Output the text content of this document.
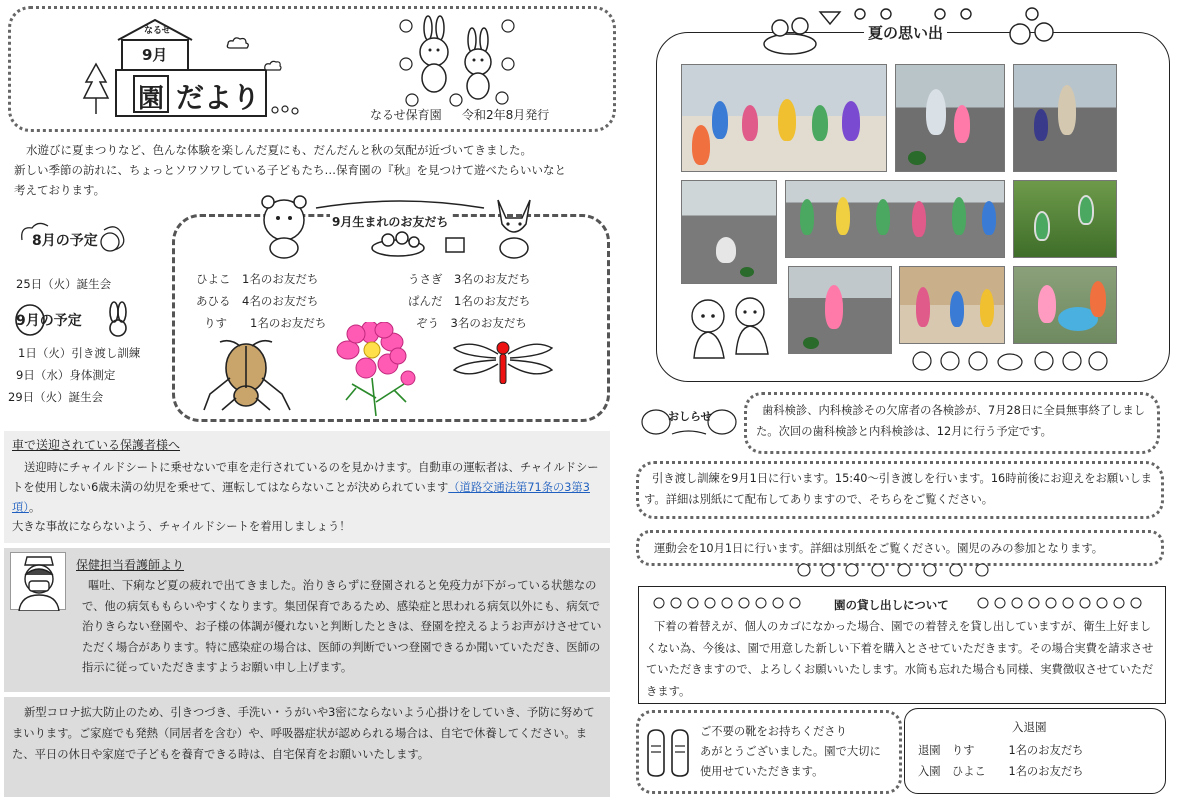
なるせ
9月
園 だより
なるせ保育園 令和2年8月発行
水遊びに夏まつりなど、色んな体験を楽しんだ夏にも、だんだんと秋の気配が近づいてきました。
新しい季節の訪れに、ちょっとソワソワしている子どもたち…保育園の『秋』を見つけて遊べたらいいなと
考えております。
8月の予定
25日（火）誕生会
9月の予定
1日（火）引き渡し訓練
9日（水）身体測定
29日（火）誕生会
9月生まれのお友だち
ひよこ　 1名のお友だち
あひる　 4名のお友だち
りす　　 1名のお友だち
うさぎ　 3名のお友だち
ぱんだ　 1名のお友だち
ぞう　 3名のお友だち
車で送迎されている保護者様へ
送迎時にチャイルドシートに乗せないで車を走行されているのを見かけます。自動車の運転者は、チャイルドシートを使用しない6歳未満の幼児を乗せて、運転してはならないことが決められています（道路交通法第71条の3第3項）。
大きな事故にならないよう、チャイルドシートを着用しましょう！
保健担当看護師より
嘔吐、下痢など夏の疲れで出てきました。治りきらずに登園されると免疫力が下がっている状態なので、他の病気ももらいやすくなります。集団保育であるため、感染症と思われる病気以外にも、病気で治りきらない登園や、お子様の体調が優れないと判断したときは、登園を控えるようお声がけさせていただく場合があります。特に感染症の場合は、医師の判断でいつ登園できるか聞いていただき、医師の指示に従っていただきますようお願い申し上げます。
新型コロナ拡大防止のため、引きつづき、手洗い・うがいや3密にならないよう心掛けをしていき、予防に努めてまいります。ご家庭でも発熱（同居者を含む）や、呼吸器症状が認められる場合は、自宅で休養してください。また、平日の休日や家庭で子どもを養育できる時は、自宅保育をお願いいたします。
夏の思い出
おしらせ	歯科検診、内科検診その欠席者の各検診が、7月28日に全員無事終了しました。次回の歯科検診と内科検診は、12月に行う予定です。
引き渡し訓練を9月1日に行います。15:40～引き渡しを行います。16時前後にお迎えをお願いします。詳細は別紙にて配布してありますので、そちらをご覧ください。
運動会を10月1日に行います。詳細は別紙をご覧ください。園児のみの参加となります。
園の貸し出しについて
下着の着替えが、個人のカゴになかった場合、園での着替えを貸し出していますが、衛生上好ましくない為、今後は、園で用意した新しい下着を購入とさせていただきます。その場合実費を請求させていただきますので、よろしくお願いいたします。水筒も忘れた場合も同様、実費徴収させていただきます。
ご不要の靴をお持ちくださり
あがとうございました。園で大切に
使用せていただきます。
入退園
退園　 りす　　　	1名のお友だち
入園　 ひよこ　　 1名のお友だち
